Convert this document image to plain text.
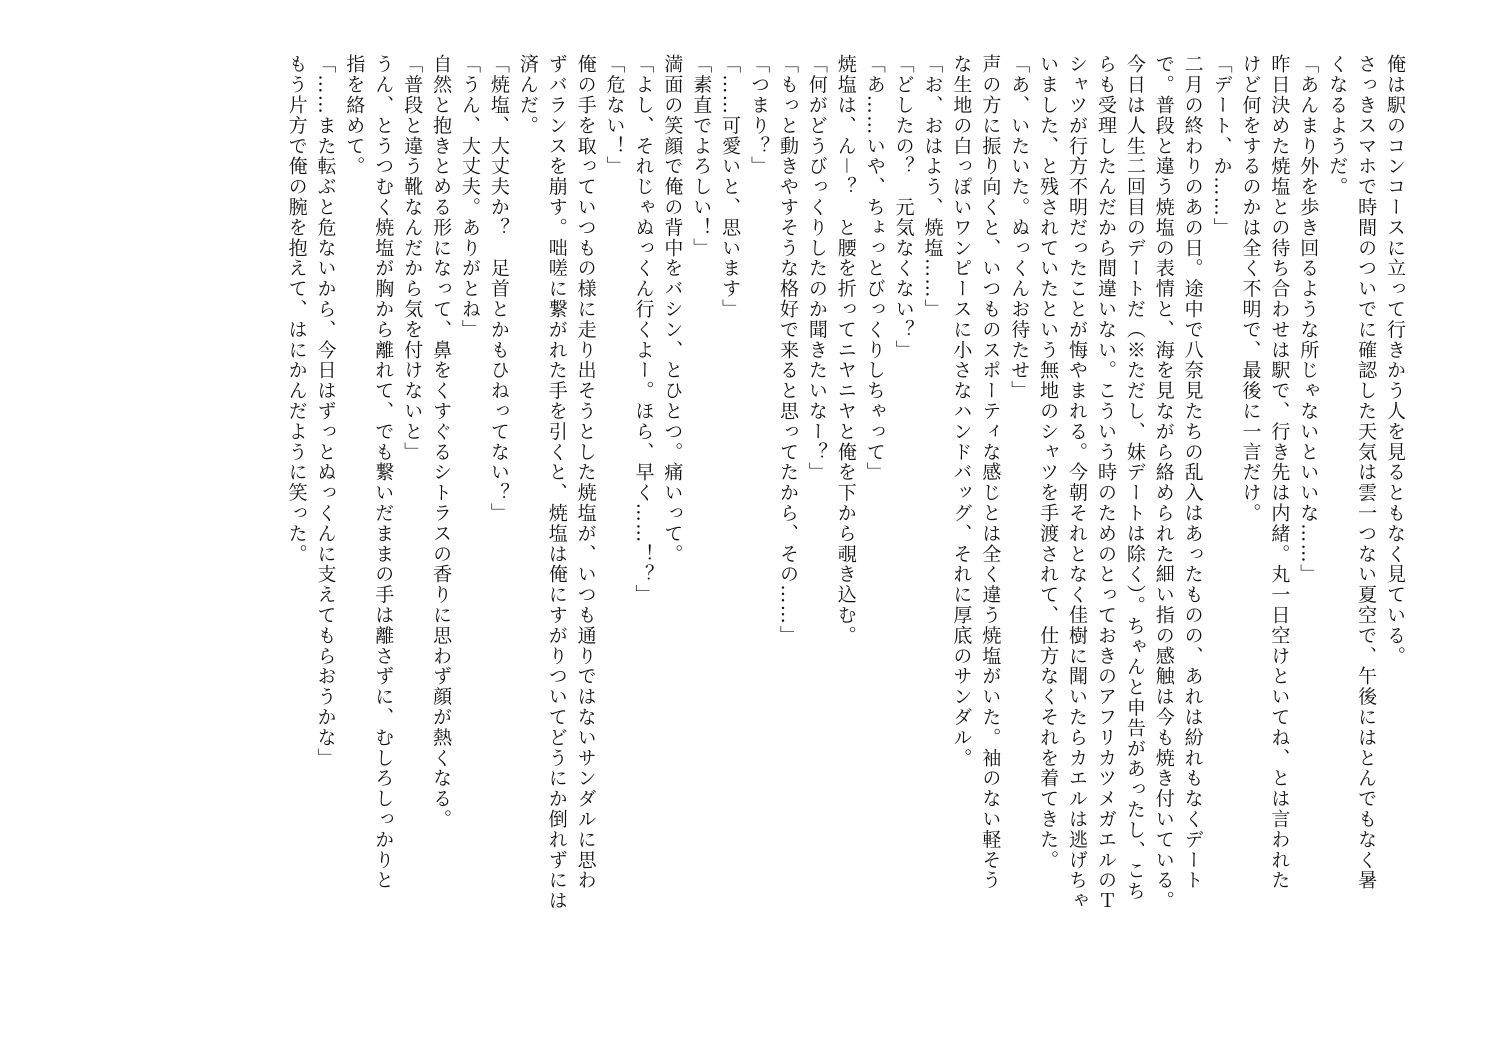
俺は駅のコンコースに立って行きかう人を見るともなく見ている。
さっきスマホで時間のついでに確認した天気は雲一つない夏空で、午後にはとんでもなく暑
くなるようだ。
「あんまり外を歩き回るような所じゃないといいな……」
昨日決めた焼塩との待ち合わせは駅で、行き先は内緒。丸一日空けといてね、とは言われた
けど何をするのかは全く不明で、最後に一言だけ。
「デート、か……」
二月の終わりのあの日。途中で八奈見たちの乱入はあったものの、あれは紛れもなくデート
で。普段と違う焼塩の表情と、海を見ながら絡められた細い指の感触は今も焼き付いている。
今日は人生二回目のデートだ（※ただし、妹デートは除く）。ちゃんと申告があったし、こち
らも受理したんだから間違いない。こういう時のためのとっておきのアフリカツメガエルのＴ
シャツが行方不明だったことが悔やまれる。今朝それとなく佳樹に聞いたらカエルは逃げちゃ
いました、と残されていたという無地のシャツを手渡されて、仕方なくそれを着てきた。
「あ、いたいた。ぬっくんお待たせ」
声の方に振り向くと、いつものスポーティな感じとは全く違う焼塩がいた。袖のない軽そう
な生地の白っぽいワンピースに小さなハンドバッグ、それに厚底のサンダル。
「お、おはよう、焼塩……」
「どしたの？　元気なくない？」
「あ……いや、ちょっとびっくりしちゃって」
焼塩は、ん－？　と腰を折ってニヤニヤと俺を下から覗き込む。
「何がどうびっくりしたのか聞きたいなー？」
「もっと動きやすそうな格好で来ると思ってたから、その……」
「つまり？」
「……可愛いと、思います」
「素直でよろしい！」
満面の笑顔で俺の背中をバシン、とひとつ。痛いって。
「よし、それじゃぬっくん行くよー。ほら、早く……！？」
「危ない！」
俺の手を取っていつもの様に走り出そうとした焼塩が、いつも通りではないサンダルに思わ
ずバランスを崩す。咄嗟に繋がれた手を引くと、焼塩は俺にすがりついてどうにか倒れずには
済んだ。
「焼塩、大丈夫か？　足首とかもひねってない？」
「うん、大丈夫。ありがとね」
自然と抱きとめる形になって、鼻をくすぐるシトラスの香りに思わず顔が熱くなる。
「普段と違う靴なんだから気を付けないと」
うん、とうつむく焼塩が胸から離れて、でも繋いだままの手は離さずに、むしろしっかりと
指を絡めて。
「……また転ぶと危ないから、今日はずっとぬっくんに支えてもらおうかな」
もう片方で俺の腕を抱えて、はにかんだように笑った。
